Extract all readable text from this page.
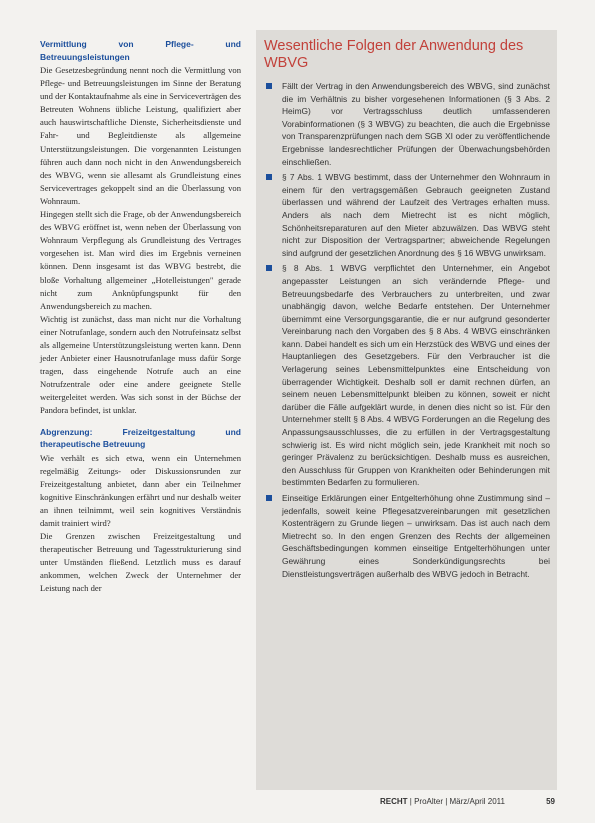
Vermittlung von Pflege- und Betreuungsleistungen

Die Gesetzesbegründung nennt noch die Vermittlung von Pflege- und Betreuungsleistungen im Sinne der Beratung und der Kontaktaufnahme als eine in Serviceverträgen des Betreuten Wohnens übliche Leistung, qualifiziert aber auch hauswirtschaftliche Dienste, Sicherheitsdienste und Fahr- und Begleitdienste als allgemeine Unterstützungsleistungen. Die vorgenannten Leistungen führen auch dann noch nicht in den Anwendungsbereich des WBVG, wenn sie allesamt als Grundleistung eines Servicevertrages gekoppelt sind an die Überlassung von Wohnraum.

Hingegen stellt sich die Frage, ob der Anwendungsbereich des WBVG eröffnet ist, wenn neben der Überlassung von Wohnraum Verpflegung als Grundleistung des Vertrages vorgesehen ist. Man wird dies im Ergebnis verneinen können. Denn insgesamt ist das WBVG bestrebt, die bloße Vorhaltung allgemeiner „Hotelleistungen" gerade nicht zum Anknüpfungspunkt für den Anwendungsbereich zu machen.

Wichtig ist zunächst, dass man nicht nur die Vorhaltung einer Notrufanlage, sondern auch den Notrufeinsatz selbst als allgemeine Unterstützungsleistung werten kann. Denn jeder Anbieter einer Hausnotrufanlage muss dafür Sorge tragen, dass eingehende Notrufe auch an eine Notrufzentrale oder eine andere geeignete Stelle weitergeleitet werden. Was sich sonst in der Büchse der Pandora befindet, ist unklar.

Abgrenzung: Freizeitgestaltung und therapeutische Betreuung

Wie verhält es sich etwa, wenn ein Unternehmen regelmäßig Zeitungs- oder Diskussionsrunden zur Freizeitgestaltung anbietet, dann aber ein Teilnehmer kognitive Einschränkungen erfährt und nur deshalb weiter an ihnen teilnimmt, weil sein kognitives Verständnis damit trainiert wird?

Die Grenzen zwischen Freizeitgestaltung und therapeutischer Betreuung und Tagesstrukturierung sind unter Umständen fließend. Letztlich muss es darauf ankommen, welchen Zweck der Unternehmer der Leistung nach der

Wesentliche Folgen der Anwendung des WBVG
Fällt der Vertrag in den Anwendungsbereich des WBVG, sind zunächst die im Verhältnis zu bisher vorgesehenen Informationen (§ 3 Abs. 2 HeimG) vor Vertragsschluss deutlich umfassenderen Vorabinformationen (§ 3 WBVG) zu beachten, die auch die Ergebnisse von Transparenzprüfungen nach dem SGB XI oder zu veröffentlichende Ergebnisse landesrechtlicher Prüfungen der Überwachungsbehörden einschließen.
§ 7 Abs. 1 WBVG bestimmt, dass der Unternehmer den Wohnraum in einem für den vertragsgemäßen Gebrauch geeigneten Zustand überlassen und während der Laufzeit des Vertrages erhalten muss. Anders als nach dem Mietrecht ist es nicht möglich, Schönheitsreparaturen auf den Mieter abzuwälzen. Das WBVG steht nicht zur Disposition der Vertragspartner; abweichende Regelungen sind aufgrund der gesetzlichen Anordnung des § 16 WBVG unwirksam.
§ 8 Abs. 1 WBVG verpflichtet den Unternehmer, ein Angebot angepasster Leistungen an sich verändernde Pflege- und Betreuungsbedarfe des Verbrauchers zu unterbreiten, und zwar unabhängig davon, welche Bedarfe entstehen. Der Unternehmer übernimmt eine Versorgungsgarantie, die er nur aufgrund gesonderter Vereinbarung nach den Vorgaben des § 8 Abs. 4 WBVG einschränken kann. Dabei handelt es sich um ein Herzstück des WBVG und eines der Hauptanliegen des Gesetzgebers. Für den Verbraucher ist die Verlagerung seines Lebensmittelpunktes eine Entscheidung von überragender Wichtigkeit. Deshalb soll er damit rechnen dürfen, an seinem neuen Lebensmittelpunkt bleiben zu können, soweit er nicht darüber die Fälle aufgeklärt wurde, in denen dies nicht so ist. Für den Unternehmer stellt § 8 Abs. 4 WBVG Forderungen an die Regelung des Anpassungsausschlusses, die zu erfüllen in der Vertragsgestaltung schwierig ist. Es wird nicht möglich sein, jede Krankheit mit noch so geringer Prävalenz zu berücksichtigen. Deshalb muss es ausreichen, den Ausschluss für Gruppen von Krankheiten oder Behinderungen mit bestimmten Bedarfen zu formulieren.
Einseitige Erklärungen einer Entgelterhöhung ohne Zustimmung sind – jedenfalls, soweit keine Pflegesatzvereinbarungen mit gesetzlichen Kostenträgern zu Grunde liegen – unwirksam. Das ist auch nach dem Mietrecht so. In den engen Grenzen des Rechts der allgemeinen Geschäftsbedingungen kommen einseitige Entgelterhöhungen unter Gewährung eines Sonderkündigungsrechts bei Dienstleistungsverträgen außerhalb des WBVG jedoch in Betracht.
RECHT | ProAlter | März/April 2011	59
